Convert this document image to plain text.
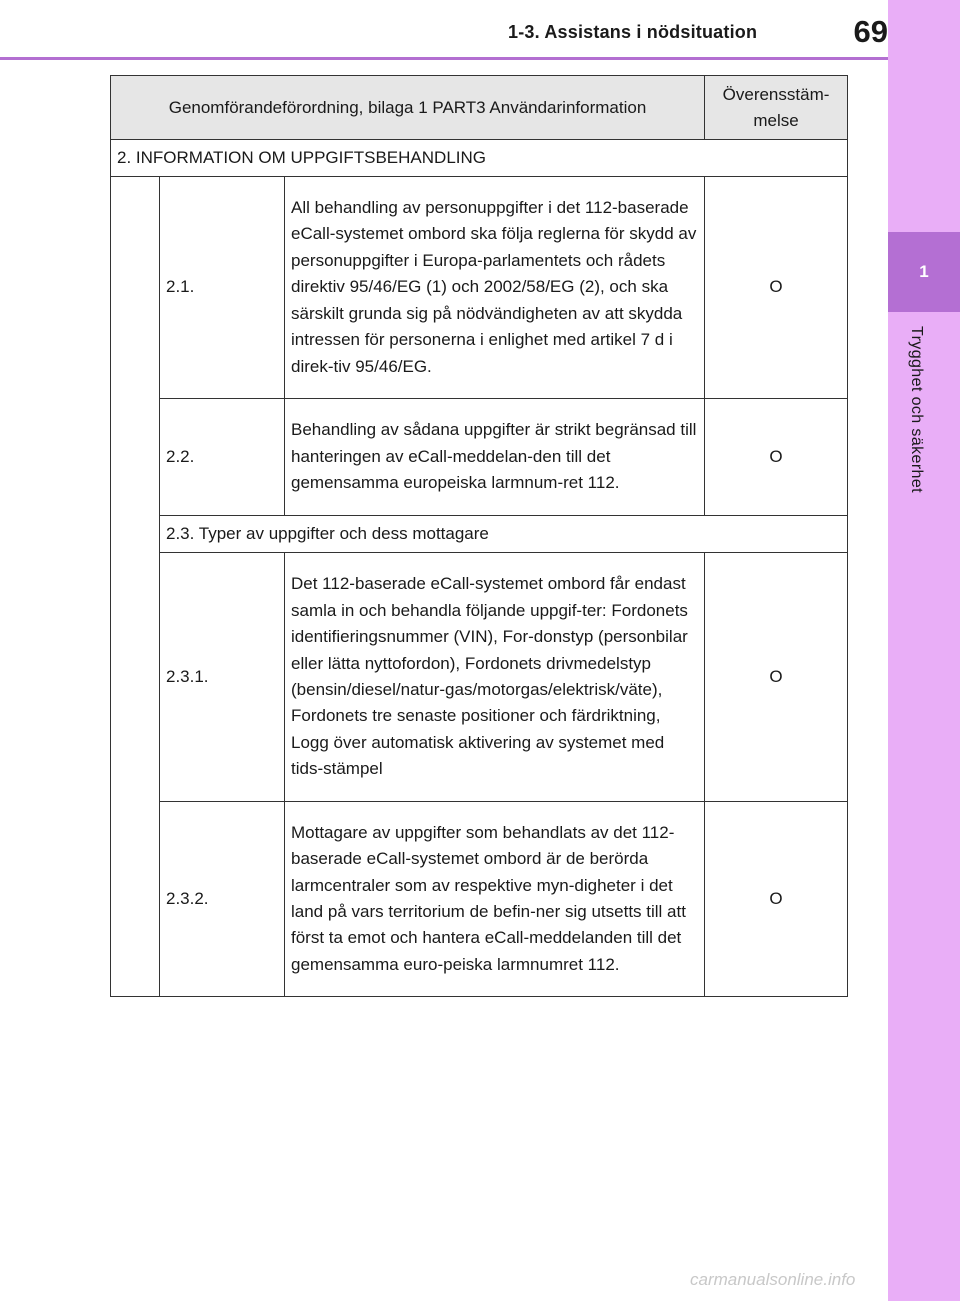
1-3. Assistans i nödsituation	69
1
Trygghet och säkerhet
Genomförandeförordning, bilaga 1 PART3 Användarinformation			Överensstäm-melse
2. INFORMATION OM UPPGIFTSBEHANDLING			
	2.1.	All behandling av personuppgifter i det 112-baserade eCall-systemet ombord ska följa reglerna för skydd av personuppgifter i Europa-parlamentets och rådets direktiv 95/46/EG (1) och 2002/58/EG (2), och ska särskilt grunda sig på nödvändigheten av att skydda intressen för personerna i enlighet med artikel 7 d i direk-tiv 95/46/EG.	O
	2.2.	Behandling av sådana uppgifter är strikt begränsad till hanteringen av eCall-meddelan-den till det gemensamma europeiska larmnum-ret 112.	O
	2.3. Typer av uppgifter och dess mottagare		
	2.3.1.	Det 112-baserade eCall-systemet ombord får endast samla in och behandla följande uppgif-ter: Fordonets identifieringsnummer (VIN), For-donstyp (personbilar eller lätta nyttofordon), Fordonets drivmedelstyp (bensin/diesel/natur-gas/motorgas/elektrisk/väte), Fordonets tre senaste positioner och färdriktning, Logg över automatisk aktivering av systemet med tids-stämpel	O
	2.3.2.	Mottagare av uppgifter som behandlats av det 112-baserade eCall-systemet ombord är de berörda larmcentraler som av respektive myn-digheter i det land på vars territorium de befin-ner sig utsetts till att först ta emot och hantera eCall-meddelanden till det gemensamma euro-peiska larmnumret 112.	O
carmanualsonline.info
